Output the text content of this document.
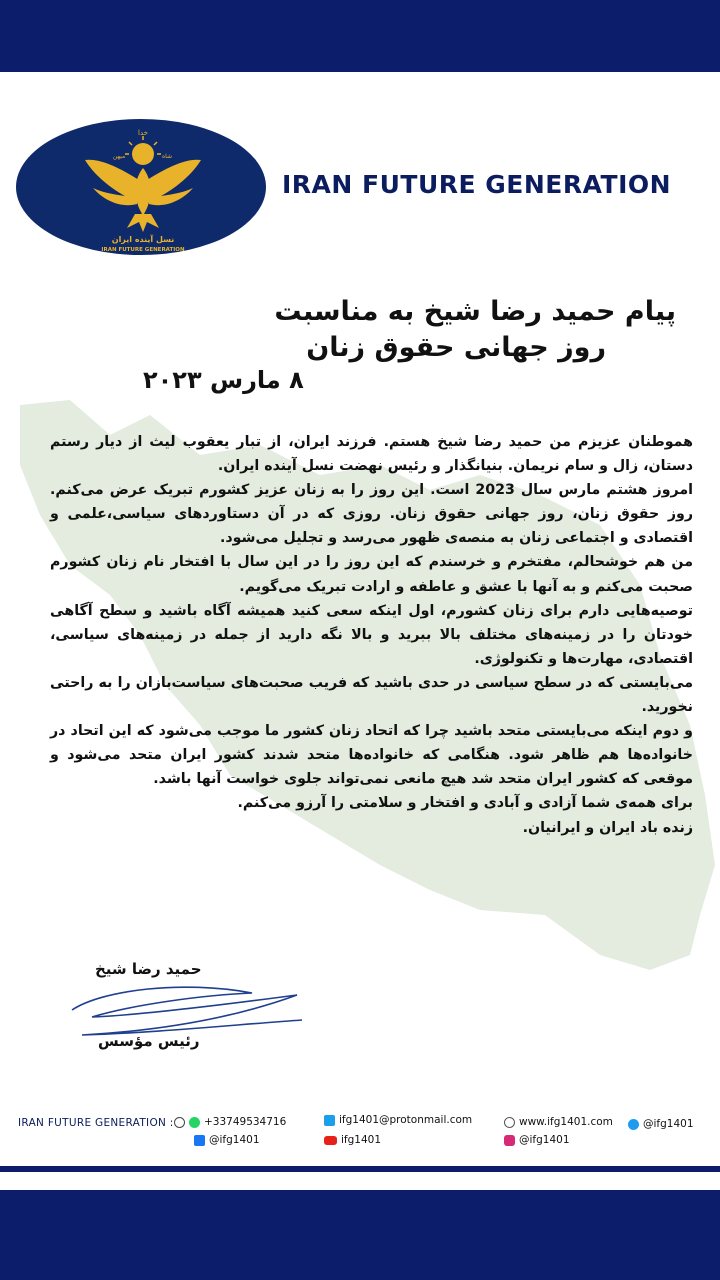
خدا
میهن	شاه
نسل آینده ایران
IRAN FUTURE GENERATION
IRAN FUTURE GENERATION
پیام حمید رضا شیخ به مناسبت
روز جهانی حقوق زنان
۸ مارس ۲۰۲۳

هموطنان عزیزم من حمید رضا شیخ هستم. فرزند ایران، از تبار یعقوب لیث از دیار رستم دستان، زال و سام نریمان. بنیانگذار و رئیس نهضت نسل آینده ایران.

امروز هشتم مارس سال 2023 است. این روز را به زنان عزیز کشورم تبریک عرض می‌کنم. روز حقوق زنان، روز جهانی حقوق زنان. روزی که در آن دستاوردهای سیاسی،علمی و اقتصادی و اجتماعی زنان به منصه‌ی ظهور می‌رسد و تجلیل می‌شود.

من هم خوشحالم، مفتخرم و خرسندم که این روز را در این سال با افتخار نام زنان کشورم صحبت می‌کنم و به آنها با عشق و عاطفه و ارادت تبریک می‌گویم.

توصیه‌هایی دارم برای زنان کشورم، اول اینکه سعی کنید همیشه آگاه باشید و سطح آگاهی خودتان را در زمینه‌های مختلف بالا ببرید و بالا نگه دارید از جمله در زمینه‌های سیاسی، اقتصادی، مهارت‌ها و تکنولوژی.

می‌بایستی که در سطح سیاسی در حدی باشید که فریب صحبت‌های سیاست‌بازان را به راحتی نخورید.

و دوم اینکه می‌بایستی متحد باشید چرا که اتحاد زنان کشور ما موجب می‌شود که این اتحاد در خانواده‌ها هم ظاهر شود. هنگامی که خانواده‌ها متحد شدند کشور ایران متحد می‌شود و موقعی که کشور ایران متحد شد هیچ مانعی نمی‌تواند جلوی خواست آنها باشد.

برای همه‌ی شما آزادی و آبادی و افتخار و سلامتی را آرزو می‌کنم.

زنده باد ایران و ایرانیان.

حمید رضا شیخ
رئیس مؤسس
IRAN FUTURE GENERATION :	+33749534716
@ifg1401
ifg1401@protonmail.com
ifg1401
www.ifg1401.com
@ifg1401
@ifg1401
